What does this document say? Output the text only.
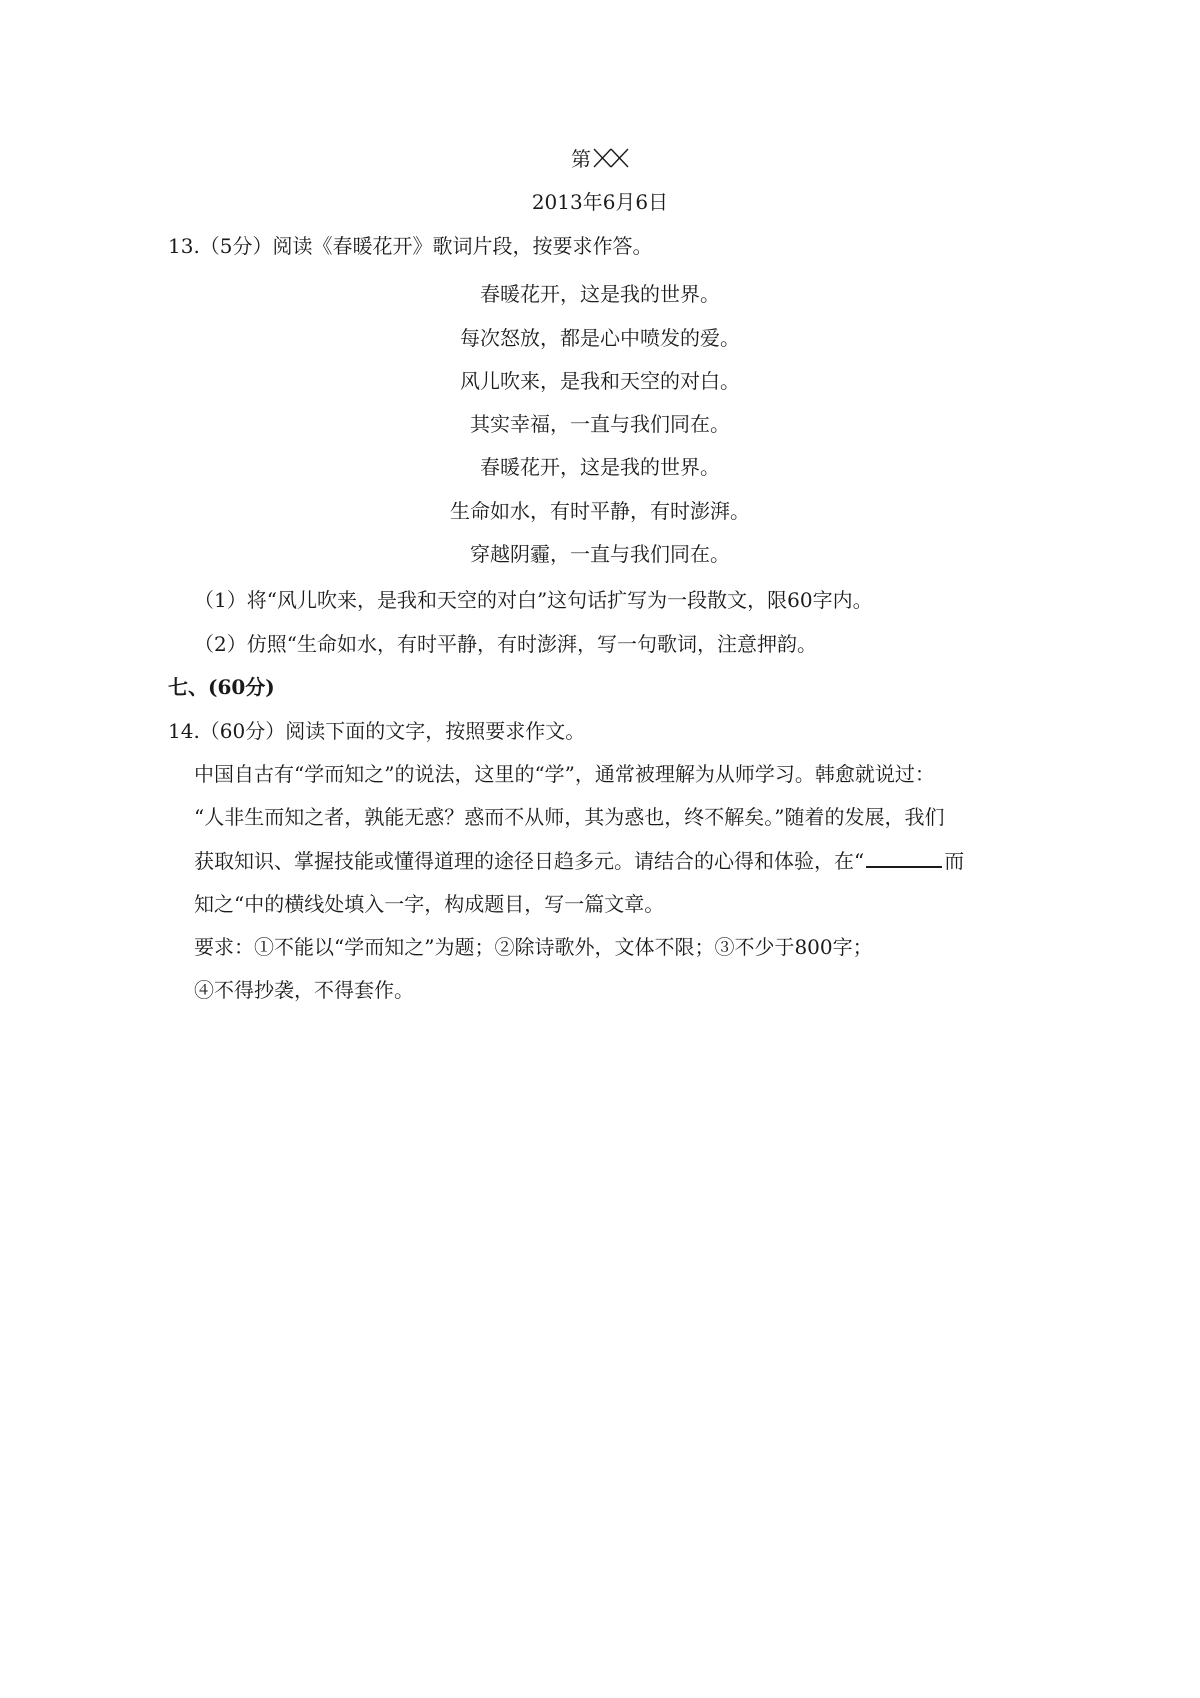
第
2013年6月6日
13.（5分）阅读《春暖花开》歌词片段，按要求作答。
春暖花开，这是我的世界。
每次怒放，都是心中喷发的爱。
风儿吹来，是我和天空的对白。
其实幸福，一直与我们同在。
春暖花开，这是我的世界。
生命如水，有时平静，有时澎湃。
穿越阴霾，一直与我们同在。
（1）将“风儿吹来，是我和天空的对白”这句话扩写为一段散文，限60字内。
（2）仿照“生命如水，有时平静，有时澎湃，写一句歌词，注意押韵。
七、(60分)
14.（60分）阅读下面的文字，按照要求作文。
中国自古有“学而知之”的说法，这里的“学”，通常被理解为从师学习。韩愈就说过：
“人非生而知之者，孰能无惑？惑而不从师，其为惑也，终不解矣。”随着的发展，我们
获取知识、掌握技能或懂得道理的途径日趋多元。请结合的心得和体验，在“	而
知之“中的横线处填入一字，构成题目，写一篇文章。
要求：①不能以“学而知之”为题；②除诗歌外，文体不限；③不少于800字；
④不得抄袭，不得套作。
